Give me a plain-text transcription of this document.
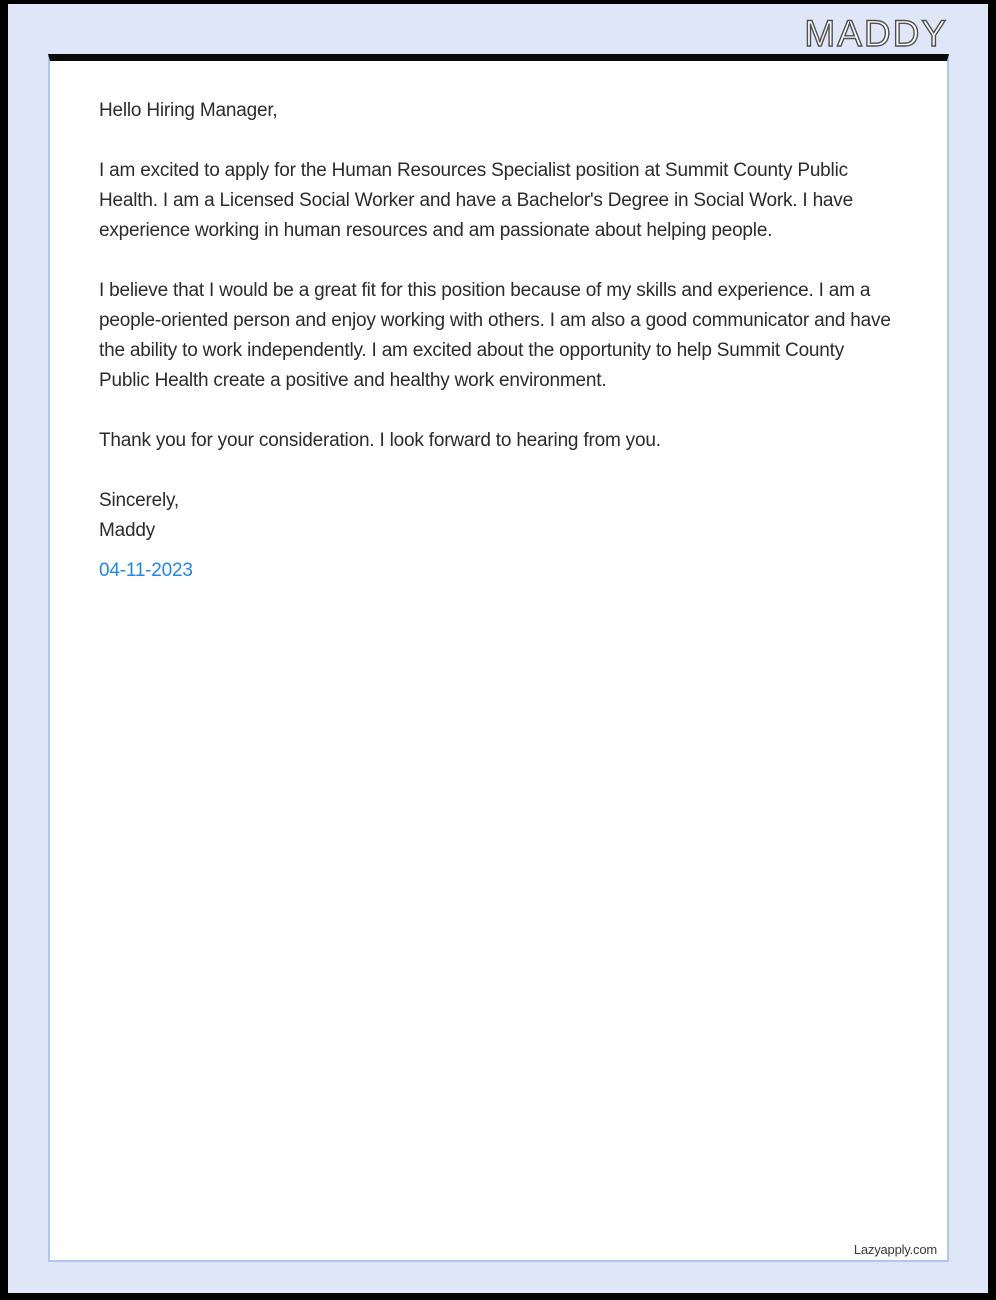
MADDY

Hello Hiring Manager,

I am excited to apply for the Human Resources Specialist position at Summit County Public Health. I am a Licensed Social Worker and have a Bachelor's Degree in Social Work. I have experience working in human resources and am passionate about helping people.

I believe that I would be a great fit for this position because of my skills and experience. I am a people-oriented person and enjoy working with others. I am also a good communicator and have the ability to work independently. I am excited about the opportunity to help Summit County Public Health create a positive and healthy work environment.

Thank you for your consideration. I look forward to hearing from you.

Sincerely,
Maddy
04-11-2023
Lazyapply.com
